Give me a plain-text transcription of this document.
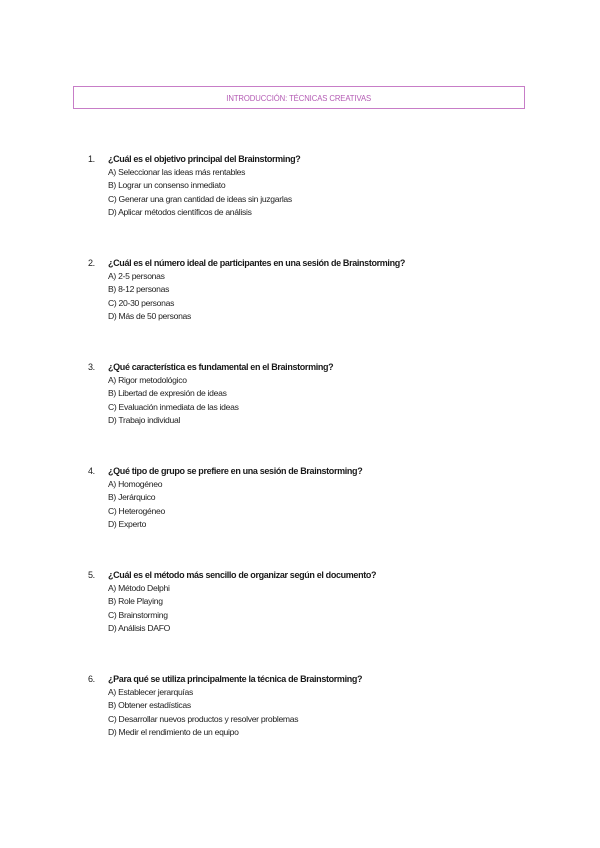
INTRODUCCIÓN: TÉCNICAS CREATIVAS
1.	¿Cuál es el objetivo principal del Brainstorming?
A) Seleccionar las ideas más rentables
B) Lograr un consenso inmediato
C) Generar una gran cantidad de ideas sin juzgarlas
D) Aplicar métodos científicos de análisis
2.	¿Cuál es el número ideal de participantes en una sesión de Brainstorming?
A) 2-5 personas
B) 8-12 personas
C) 20-30 personas
D) Más de 50 personas
3.	¿Qué característica es fundamental en el Brainstorming?
A) Rigor metodológico
B) Libertad de expresión de ideas
C) Evaluación inmediata de las ideas
D) Trabajo individual
4.	¿Qué tipo de grupo se prefiere en una sesión de Brainstorming?
A) Homogéneo
B) Jerárquico
C) Heterogéneo
D) Experto
5.	¿Cuál es el método más sencillo de organizar según el documento?
A) Método Delphi
B) Role Playing
C) Brainstorming
D) Análisis DAFO
6.	¿Para qué se utiliza principalmente la técnica de Brainstorming?
A) Establecer jerarquías
B) Obtener estadísticas
C) Desarrollar nuevos productos y resolver problemas
D) Medir el rendimiento de un equipo
